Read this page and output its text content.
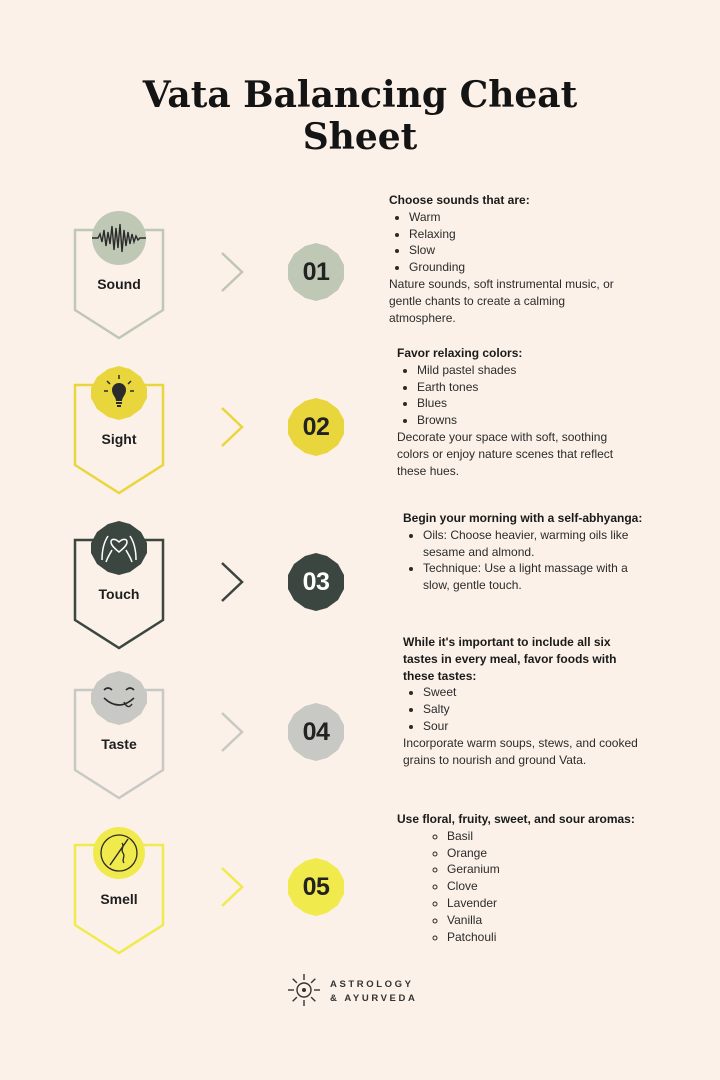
Vata Balancing Cheat
Sheet
Sound	01
Choose sounds that are:
• Warm
• Relaxing
• Slow
• Grounding

Nature sounds, soft instrumental music, or gentle chants to create a calming atmosphere.

Sight	02
Favor relaxing colors:
• Mild pastel shades
• Earth tones
• Blues
• Browns

Decorate your space with soft, soothing colors or enjoy nature scenes that reflect these hues.

Touch	03
Begin your morning with a self-abhyanga:
• Oils: Choose heavier, warming oils like sesame and almond.
• Technique: Use a light massage with a slow, gentle touch.
Taste	04
While it's important to include all six tastes in every meal, favor foods with these tastes:
• Sweet
• Salty
• Sour

Incorporate warm soups, stews, and cooked grains to nourish and ground Vata.

Smell	05
Use floral, fruity, sweet, and sour aromas:
◦ Basil
◦ Orange
◦ Geranium
◦ Clove
◦ Lavender
◦ Vanilla
◦ Patchouli
ASTROLOGY
& AYURVEDA
